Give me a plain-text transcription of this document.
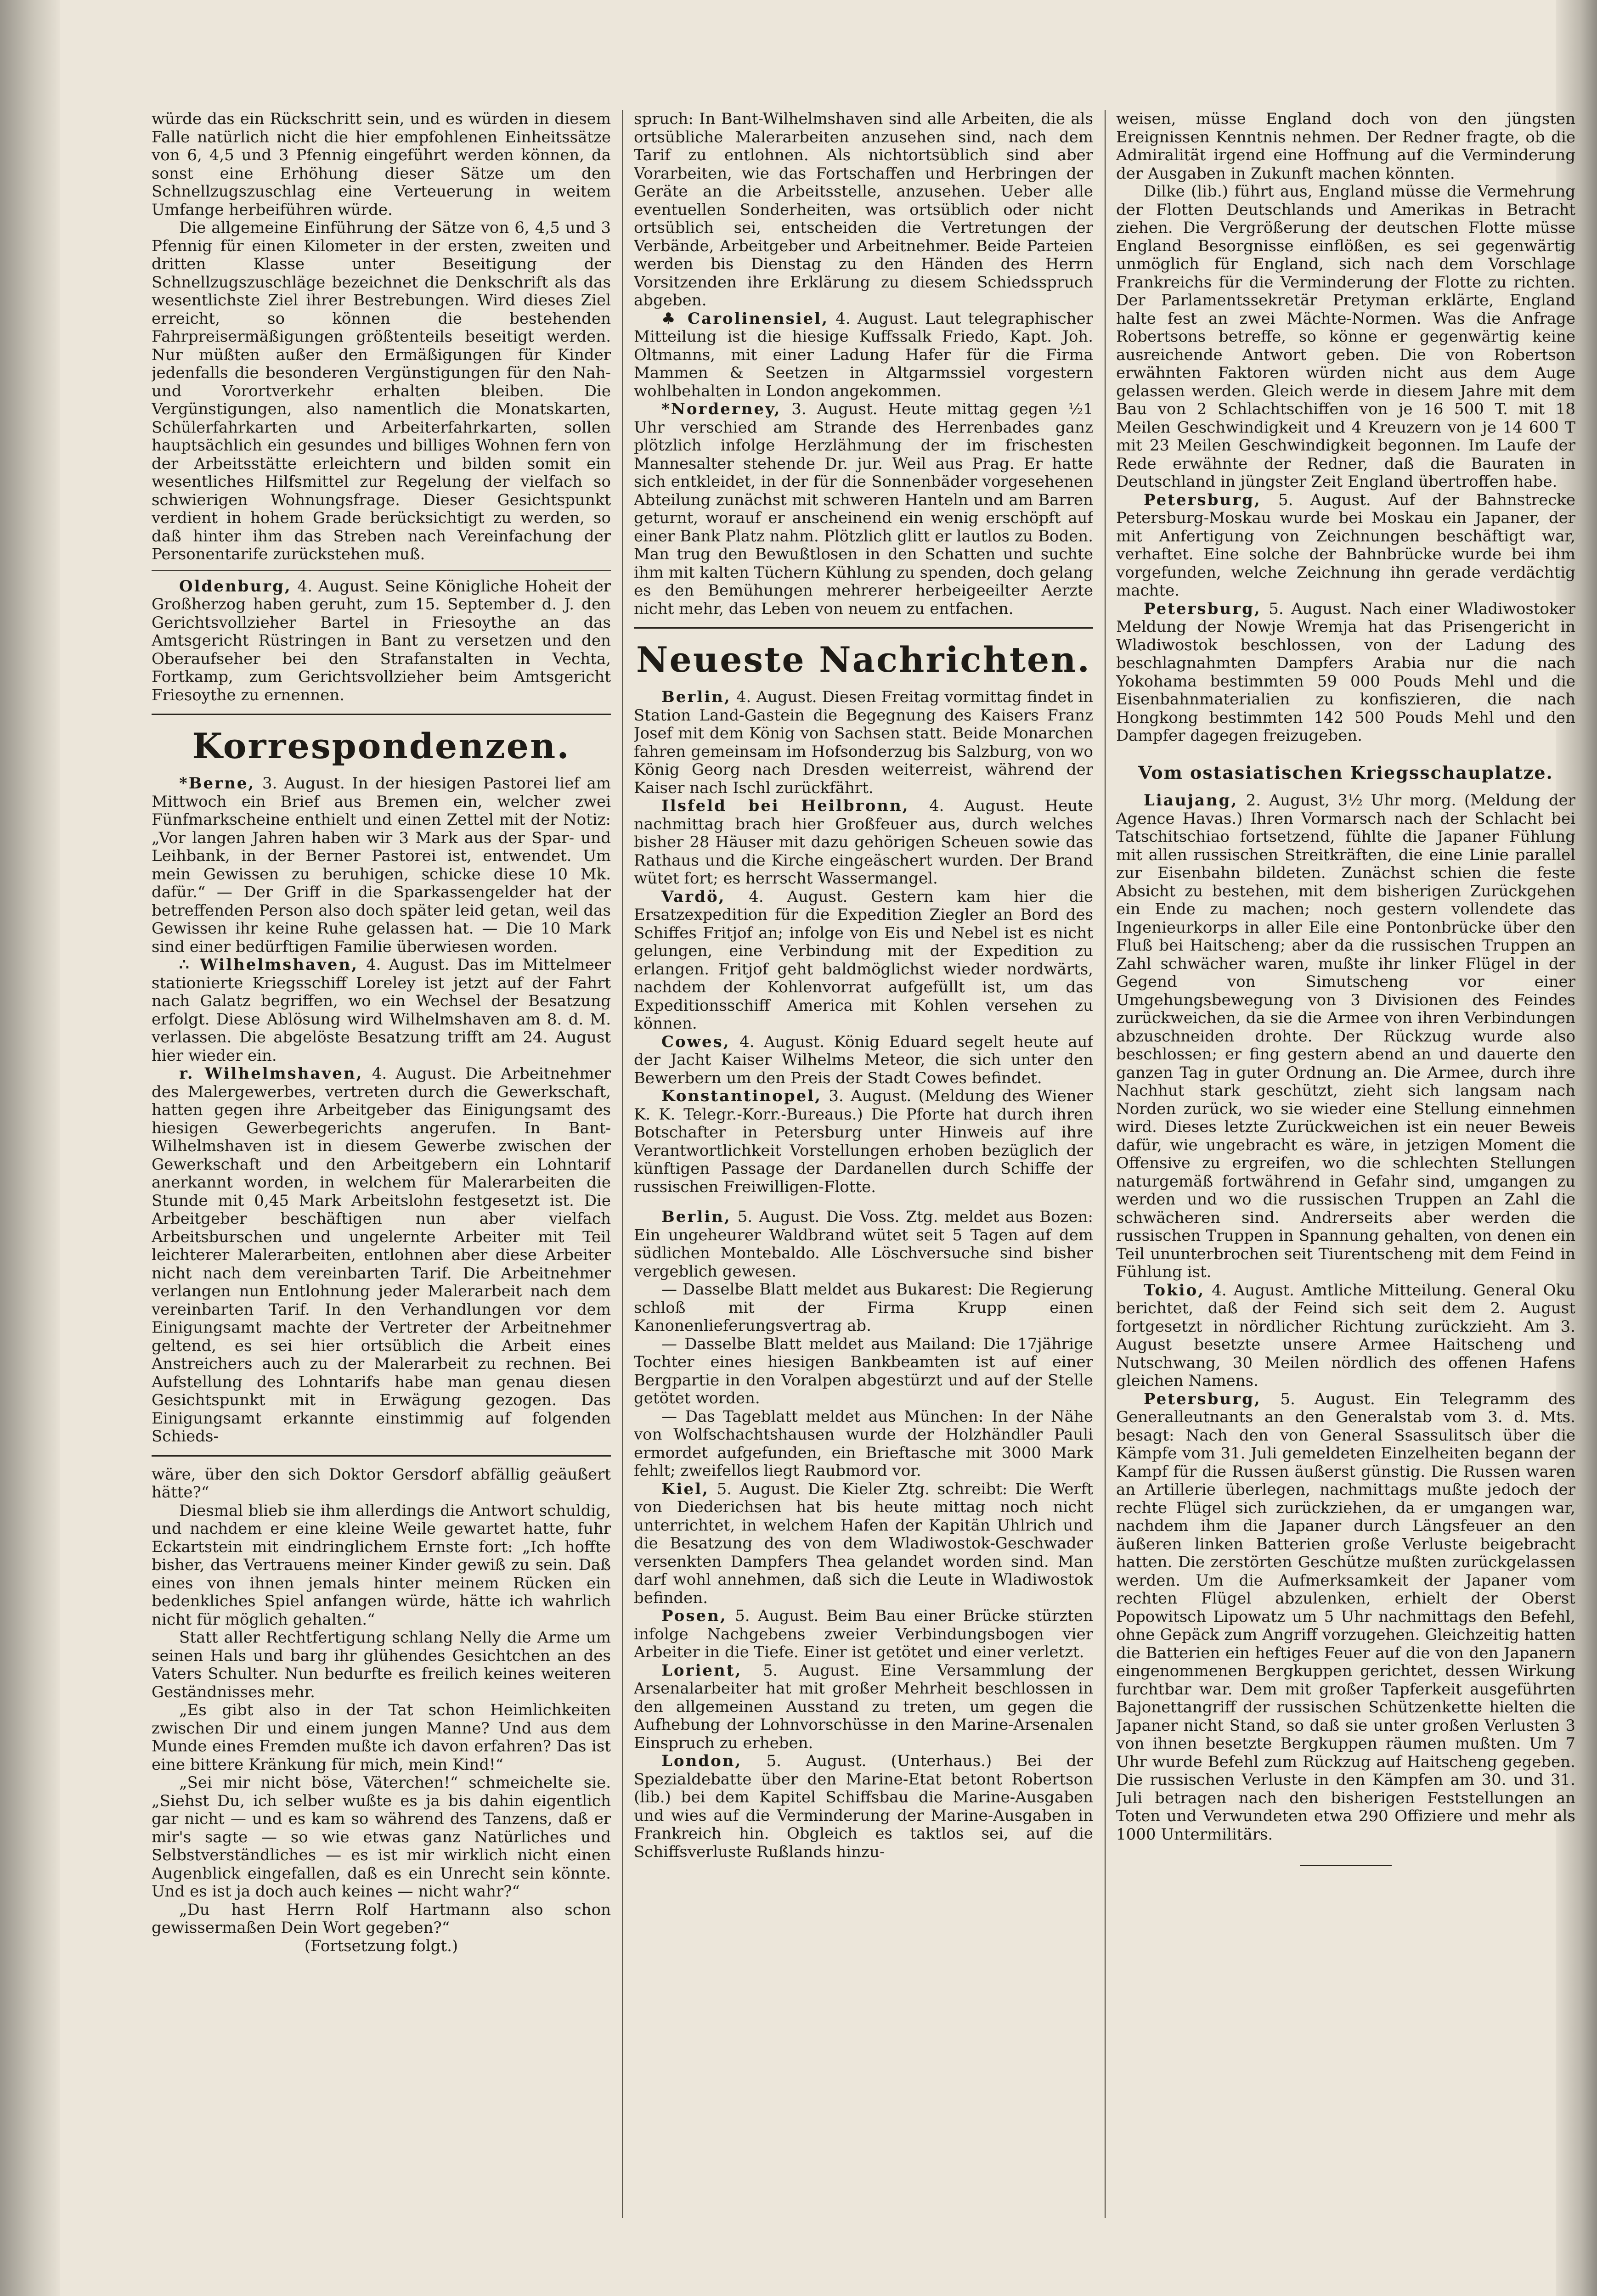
würde das ein Rückschritt sein, und es würden in diesem Falle natürlich nicht die hier empfohlenen Einheitssätze von 6, 4,5 und 3 Pfennig eingeführt werden können, da sonst eine Erhöhung dieser Sätze um den Schnellzugszuschlag eine Verteuerung in weitem Umfange herbeiführen würde.

Die allgemeine Einführung der Sätze von 6, 4,5 und 3 Pfennig für einen Kilometer in der ersten, zweiten und dritten Klasse unter Beseitigung der Schnellzugszuschläge bezeichnet die Denkschrift als das wesentlichste Ziel ihrer Bestrebungen. Wird dieses Ziel erreicht, so können die bestehenden Fahrpreisermäßigungen größtenteils beseitigt werden. Nur müßten außer den Ermäßigungen für Kinder jedenfalls die besonderen Vergünstigungen für den Nah- und Vorortverkehr erhalten bleiben. Die Vergünstigungen, also namentlich die Monatskarten, Schülerfahrkarten und Arbeiterfahrkarten, sollen hauptsächlich ein gesundes und billiges Wohnen fern von der Arbeitsstätte erleichtern und bilden somit ein wesentliches Hilfsmittel zur Regelung der vielfach so schwierigen Wohnungsfrage. Dieser Gesichtspunkt verdient in hohem Grade berücksichtigt zu werden, so daß hinter ihm das Streben nach Vereinfachung der Personentarife zurückstehen muß.

Oldenburg, 4. August. Seine Königliche Hoheit der Großherzog haben geruht, zum 15. September d. J. den Gerichtsvollzieher Bartel in Friesoythe an das Amtsgericht Rüstringen in Bant zu versetzen und den Oberaufseher bei den Strafanstalten in Vechta, Fortkamp, zum Gerichtsvollzieher beim Amtsgericht Friesoythe zu ernennen.

Korrespondenzen.

*Berne, 3. August. In der hiesigen Pastorei lief am Mittwoch ein Brief aus Bremen ein, welcher zwei Fünfmarkscheine enthielt und einen Zettel mit der Notiz: „Vor langen Jahren haben wir 3 Mark aus der Spar- und Leihbank, in der Berner Pastorei ist, entwendet. Um mein Gewissen zu beruhigen, schicke diese 10 Mk. dafür.“ — Der Griff in die Sparkassengelder hat der betreffenden Person also doch später leid getan, weil das Gewissen ihr keine Ruhe gelassen hat. — Die 10 Mark sind einer bedürftigen Familie überwiesen worden.

∴ Wilhelmshaven, 4. August. Das im Mittelmeer stationierte Kriegsschiff Loreley ist jetzt auf der Fahrt nach Galatz begriffen, wo ein Wechsel der Besatzung erfolgt. Diese Ablösung wird Wilhelmshaven am 8. d. M. verlassen. Die abgelöste Besatzung trifft am 24. August hier wieder ein.

r. Wilhelmshaven, 4. August. Die Arbeitnehmer des Malergewerbes, vertreten durch die Gewerkschaft, hatten gegen ihre Arbeitgeber das Einigungsamt des hiesigen Gewerbegerichts angerufen. In Bant-Wilhelmshaven ist in diesem Gewerbe zwischen der Gewerkschaft und den Arbeitgebern ein Lohntarif anerkannt worden, in welchem für Malerarbeiten die Stunde mit 0,45 Mark Arbeitslohn festgesetzt ist. Die Arbeitgeber beschäftigen nun aber vielfach Arbeitsburschen und ungelernte Arbeiter mit Teil leichterer Malerarbeiten, entlohnen aber diese Arbeiter nicht nach dem vereinbarten Tarif. Die Arbeitnehmer verlangen nun Entlohnung jeder Malerarbeit nach dem vereinbarten Tarif. In den Verhandlungen vor dem Einigungsamt machte der Vertreter der Arbeitnehmer geltend, es sei hier ortsüblich die Arbeit eines Anstreichers auch zu der Malerarbeit zu rechnen. Bei Aufstellung des Lohntarifs habe man genau diesen Gesichtspunkt mit in Erwägung gezogen. Das Einigungsamt erkannte einstimmig auf folgenden Schieds-

wäre, über den sich Doktor Gersdorf abfällig geäußert hätte?“

Diesmal blieb sie ihm allerdings die Antwort schuldig, und nachdem er eine kleine Weile gewartet hatte, fuhr Eckartstein mit eindringlichem Ernste fort: „Ich hoffte bisher, das Vertrauens meiner Kinder gewiß zu sein. Daß eines von ihnen jemals hinter meinem Rücken ein bedenkliches Spiel anfangen würde, hätte ich wahrlich nicht für möglich gehalten.“

Statt aller Rechtfertigung schlang Nelly die Arme um seinen Hals und barg ihr glühendes Gesichtchen an des Vaters Schulter. Nun bedurfte es freilich keines weiteren Geständnisses mehr.

„Es gibt also in der Tat schon Heimlichkeiten zwischen Dir und einem jungen Manne? Und aus dem Munde eines Fremden mußte ich davon erfahren? Das ist eine bittere Kränkung für mich, mein Kind!“

„Sei mir nicht böse, Väterchen!“ schmeichelte sie. „Siehst Du, ich selber wußte es ja bis dahin eigentlich gar nicht — und es kam so während des Tanzens, daß er mir's sagte — so wie etwas ganz Natürliches und Selbstverständliches — es ist mir wirklich nicht einen Augenblick eingefallen, daß es ein Unrecht sein könnte. Und es ist ja doch auch keines — nicht wahr?“

„Du hast Herrn Rolf Hartmann also schon gewissermaßen Dein Wort gegeben?“

(Fortsetzung folgt.)

spruch: In Bant-Wilhelmshaven sind alle Arbeiten, die als ortsübliche Malerarbeiten anzusehen sind, nach dem Tarif zu entlohnen. Als nichtortsüblich sind aber Vorarbeiten, wie das Fortschaffen und Herbringen der Geräte an die Arbeitsstelle, anzusehen. Ueber alle eventuellen Sonderheiten, was ortsüblich oder nicht ortsüblich sei, entscheiden die Vertretungen der Verbände, Arbeitgeber und Arbeitnehmer. Beide Parteien werden bis Dienstag zu den Händen des Herrn Vorsitzenden ihre Erklärung zu diesem Schiedsspruch abgeben.

♣ Carolinensiel, 4. August. Laut telegraphischer Mitteilung ist die hiesige Kuffssalk Friedo, Kapt. Joh. Oltmanns, mit einer Ladung Hafer für die Firma Mammen & Seetzen in Altgarmssiel vorgestern wohlbehalten in London angekommen.

*Norderney, 3. August. Heute mittag gegen ½1 Uhr verschied am Strande des Herrenbades ganz plötzlich infolge Herzlähmung der im frischesten Mannesalter stehende Dr. jur. Weil aus Prag. Er hatte sich entkleidet, in der für die Sonnenbäder vorgesehenen Abteilung zunächst mit schweren Hanteln und am Barren geturnt, worauf er anscheinend ein wenig erschöpft auf einer Bank Platz nahm. Plötzlich glitt er lautlos zu Boden. Man trug den Bewußtlosen in den Schatten und suchte ihm mit kalten Tüchern Kühlung zu spenden, doch gelang es den Bemühungen mehrerer herbeigeeilter Aerzte nicht mehr, das Leben von neuem zu entfachen.

Neueste Nachrichten.

Berlin, 4. August. Diesen Freitag vormittag findet in Station Land-Gastein die Begegnung des Kaisers Franz Josef mit dem König von Sachsen statt. Beide Monarchen fahren gemeinsam im Hofsonderzug bis Salzburg, von wo König Georg nach Dresden weiterreist, während der Kaiser nach Ischl zurückfährt.

Ilsfeld bei Heilbronn, 4. August. Heute nachmittag brach hier Großfeuer aus, durch welches bisher 28 Häuser mit dazu gehörigen Scheuen sowie das Rathaus und die Kirche eingeäschert wurden. Der Brand wütet fort; es herrscht Wassermangel.

Vardö, 4. August. Gestern kam hier die Ersatzexpedition für die Expedition Ziegler an Bord des Schiffes Fritjof an; infolge von Eis und Nebel ist es nicht gelungen, eine Verbindung mit der Expedition zu erlangen. Fritjof geht baldmöglichst wieder nordwärts, nachdem der Kohlenvorrat aufgefüllt ist, um das Expeditionsschiff America mit Kohlen versehen zu können.

Cowes, 4. August. König Eduard segelt heute auf der Jacht Kaiser Wilhelms Meteor, die sich unter den Bewerbern um den Preis der Stadt Cowes befindet.

Konstantinopel, 3. August. (Meldung des Wiener K. K. Telegr.-Korr.-Bureaus.) Die Pforte hat durch ihren Botschafter in Petersburg unter Hinweis auf ihre Verantwortlichkeit Vorstellungen erhoben bezüglich der künftigen Passage der Dardanellen durch Schiffe der russischen Freiwilligen-Flotte.

Berlin, 5. August. Die Voss. Ztg. meldet aus Bozen: Ein ungeheurer Waldbrand wütet seit 5 Tagen auf dem südlichen Montebaldo. Alle Löschversuche sind bisher vergeblich gewesen.

— Dasselbe Blatt meldet aus Bukarest: Die Regierung schloß mit der Firma Krupp einen Kanonenlieferungsvertrag ab.

— Dasselbe Blatt meldet aus Mailand: Die 17jährige Tochter eines hiesigen Bankbeamten ist auf einer Bergpartie in den Voralpen abgestürzt und auf der Stelle getötet worden.

— Das Tageblatt meldet aus München: In der Nähe von Wolfschachtshausen wurde der Holzhändler Pauli ermordet aufgefunden, ein Brieftasche mit 3000 Mark fehlt; zweifellos liegt Raubmord vor.

Kiel, 5. August. Die Kieler Ztg. schreibt: Die Werft von Diederichsen hat bis heute mittag noch nicht unterrichtet, in welchem Hafen der Kapitän Uhlrich und die Besatzung des von dem Wladiwostok-Geschwader versenkten Dampfers Thea gelandet worden sind. Man darf wohl annehmen, daß sich die Leute in Wladiwostok befinden.

Posen, 5. August. Beim Bau einer Brücke stürzten infolge Nachgebens zweier Verbindungsbogen vier Arbeiter in die Tiefe. Einer ist getötet und einer verletzt.

Lorient, 5. August. Eine Versammlung der Arsenalarbeiter hat mit großer Mehrheit beschlossen in den allgemeinen Ausstand zu treten, um gegen die Aufhebung der Lohnvorschüsse in den Marine-Arsenalen Einspruch zu erheben.

London, 5. August. (Unterhaus.) Bei der Spezialdebatte über den Marine-Etat betont Robertson (lib.) bei dem Kapitel Schiffsbau die Marine-Ausgaben und wies auf die Verminderung der Marine-Ausgaben in Frankreich hin. Obgleich es taktlos sei, auf die Schiffsverluste Rußlands hinzu-

weisen, müsse England doch von den jüngsten Ereignissen Kenntnis nehmen. Der Redner fragte, ob die Admiralität irgend eine Hoffnung auf die Verminderung der Ausgaben in Zukunft machen könnten.

Dilke (lib.) führt aus, England müsse die Vermehrung der Flotten Deutschlands und Amerikas in Betracht ziehen. Die Vergrößerung der deutschen Flotte müsse England Besorgnisse einflößen, es sei gegenwärtig unmöglich für England, sich nach dem Vorschlage Frankreichs für die Verminderung der Flotte zu richten. Der Parlamentssekretär Pretyman erklärte, England halte fest an zwei Mächte-Normen. Was die Anfrage Robertsons betreffe, so könne er gegenwärtig keine ausreichende Antwort geben. Die von Robertson erwähnten Faktoren würden nicht aus dem Auge gelassen werden. Gleich werde in diesem Jahre mit dem Bau von 2 Schlachtschiffen von je 16 500 T. mit 18 Meilen Geschwindigkeit und 4 Kreuzern von je 14 600 T mit 23 Meilen Geschwindigkeit begonnen. Im Laufe der Rede erwähnte der Redner, daß die Bauraten in Deutschland in jüngster Zeit England übertroffen habe.

Petersburg, 5. August. Auf der Bahnstrecke Petersburg-Moskau wurde bei Moskau ein Japaner, der mit Anfertigung von Zeichnungen beschäftigt war, verhaftet. Eine solche der Bahnbrücke wurde bei ihm vorgefunden, welche Zeichnung ihn gerade verdächtig machte.

Petersburg, 5. August. Nach einer Wladiwostoker Meldung der Nowje Wremja hat das Prisengericht in Wladiwostok beschlossen, von der Ladung des beschlagnahmten Dampfers Arabia nur die nach Yokohama bestimmten 59 000 Pouds Mehl und die Eisenbahnmaterialien zu konfiszieren, die nach Hongkong bestimmten 142 500 Pouds Mehl und den Dampfer dagegen freizugeben.

Vom ostasiatischen Kriegsschauplatze.

Liaujang, 2. August, 3½ Uhr morg. (Meldung der Agence Havas.) Ihren Vormarsch nach der Schlacht bei Tatschitschiao fortsetzend, fühlte die Japaner Fühlung mit allen russischen Streitkräften, die eine Linie parallel zur Eisenbahn bildeten. Zunächst schien die feste Absicht zu bestehen, mit dem bisherigen Zurückgehen ein Ende zu machen; noch gestern vollendete das Ingenieurkorps in aller Eile eine Pontonbrücke über den Fluß bei Haitscheng; aber da die russischen Truppen an Zahl schwächer waren, mußte ihr linker Flügel in der Gegend von Simutscheng vor einer Umgehungsbewegung von 3 Divisionen des Feindes zurückweichen, da sie die Armee von ihren Verbindungen abzuschneiden drohte. Der Rückzug wurde also beschlossen; er fing gestern abend an und dauerte den ganzen Tag in guter Ordnung an. Die Armee, durch ihre Nachhut stark geschützt, zieht sich langsam nach Norden zurück, wo sie wieder eine Stellung einnehmen wird. Dieses letzte Zurückweichen ist ein neuer Beweis dafür, wie ungebracht es wäre, in jetzigen Moment die Offensive zu ergreifen, wo die schlechten Stellungen naturgemäß fortwährend in Gefahr sind, umgangen zu werden und wo die russischen Truppen an Zahl die schwächeren sind. Andrerseits aber werden die russischen Truppen in Spannung gehalten, von denen ein Teil ununterbrochen seit Tiurentscheng mit dem Feind in Fühlung ist.

Tokio, 4. August. Amtliche Mitteilung. General Oku berichtet, daß der Feind sich seit dem 2. August fortgesetzt in nördlicher Richtung zurückzieht. Am 3. August besetzte unsere Armee Haitscheng und Nutschwang, 30 Meilen nördlich des offenen Hafens gleichen Namens.

Petersburg, 5. August. Ein Telegramm des Generalleutnants an den Generalstab vom 3. d. Mts. besagt: Nach den von General Ssassulitsch über die Kämpfe vom 31. Juli gemeldeten Einzelheiten begann der Kampf für die Russen äußerst günstig. Die Russen waren an Artillerie überlegen, nachmittags mußte jedoch der rechte Flügel sich zurückziehen, da er umgangen war, nachdem ihm die Japaner durch Längsfeuer an den äußeren linken Batterien große Verluste beigebracht hatten. Die zerstörten Geschütze mußten zurückgelassen werden. Um die Aufmerksamkeit der Japaner vom rechten Flügel abzulenken, erhielt der Oberst Popowitsch Lipowatz um 5 Uhr nachmittags den Befehl, ohne Gepäck zum Angriff vorzugehen. Gleichzeitig hatten die Batterien ein heftiges Feuer auf die von den Japanern eingenommenen Bergkuppen gerichtet, dessen Wirkung furchtbar war. Dem mit großer Tapferkeit ausgeführten Bajonettangriff der russischen Schützenkette hielten die Japaner nicht Stand, so daß sie unter großen Verlusten 3 von ihnen besetzte Bergkuppen räumen mußten. Um 7 Uhr wurde Befehl zum Rückzug auf Haitscheng gegeben. Die russischen Verluste in den Kämpfen am 30. und 31. Juli betragen nach den bisherigen Feststellungen an Toten und Verwundeten etwa 290 Offiziere und mehr als 1000 Untermilitärs.
